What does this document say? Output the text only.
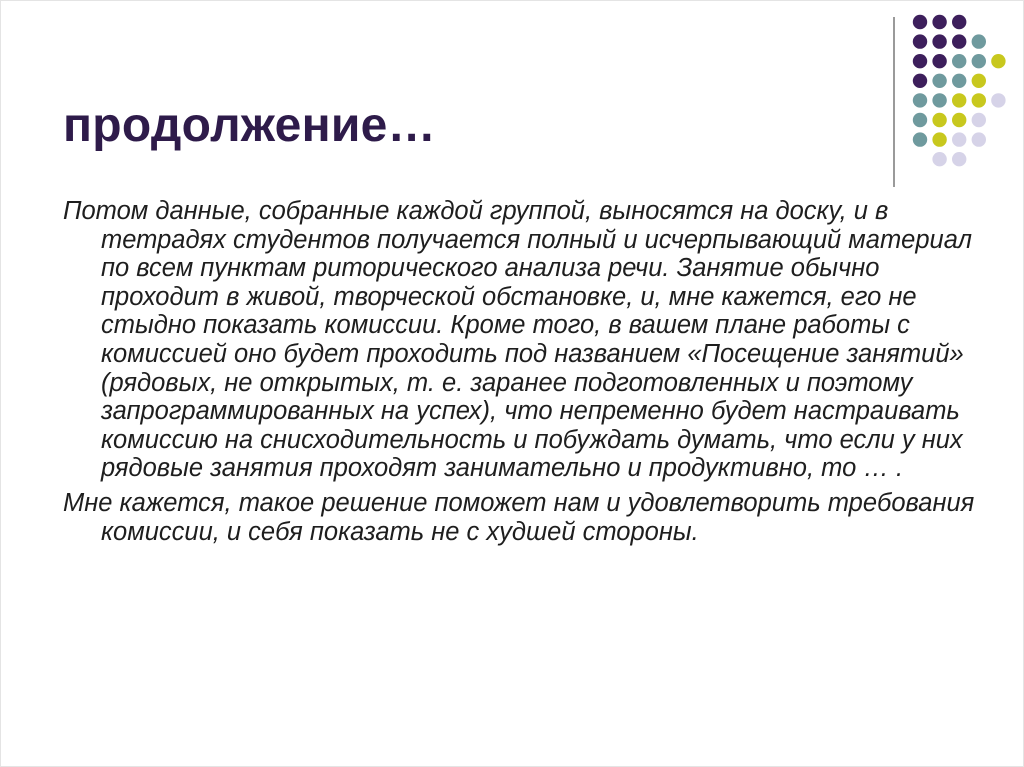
продолжение…

Потом данные, собранные каждой группой, выносятся на доску, и в тетрадях студентов получается полный и исчерпывающий материал по всем пунктам риторического анализа речи. Занятие обычно проходит в живой, творческой обстановке, и, мне кажется, его не стыдно показать комиссии. Кроме того, в вашем плане работы с комиссией оно будет проходить под названием «Посещение занятий» (рядовых, не открытых, т. е. заранее подготовленных и поэтому запрограммированных на успех), что непременно будет настраивать комиссию на снисходительность и побуждать думать, что если у них рядовые занятия проходят занимательно и продуктивно, то … .

Мне кажется, такое решение поможет нам и удовлетворить требования комиссии, и себя показать не с худшей стороны.
